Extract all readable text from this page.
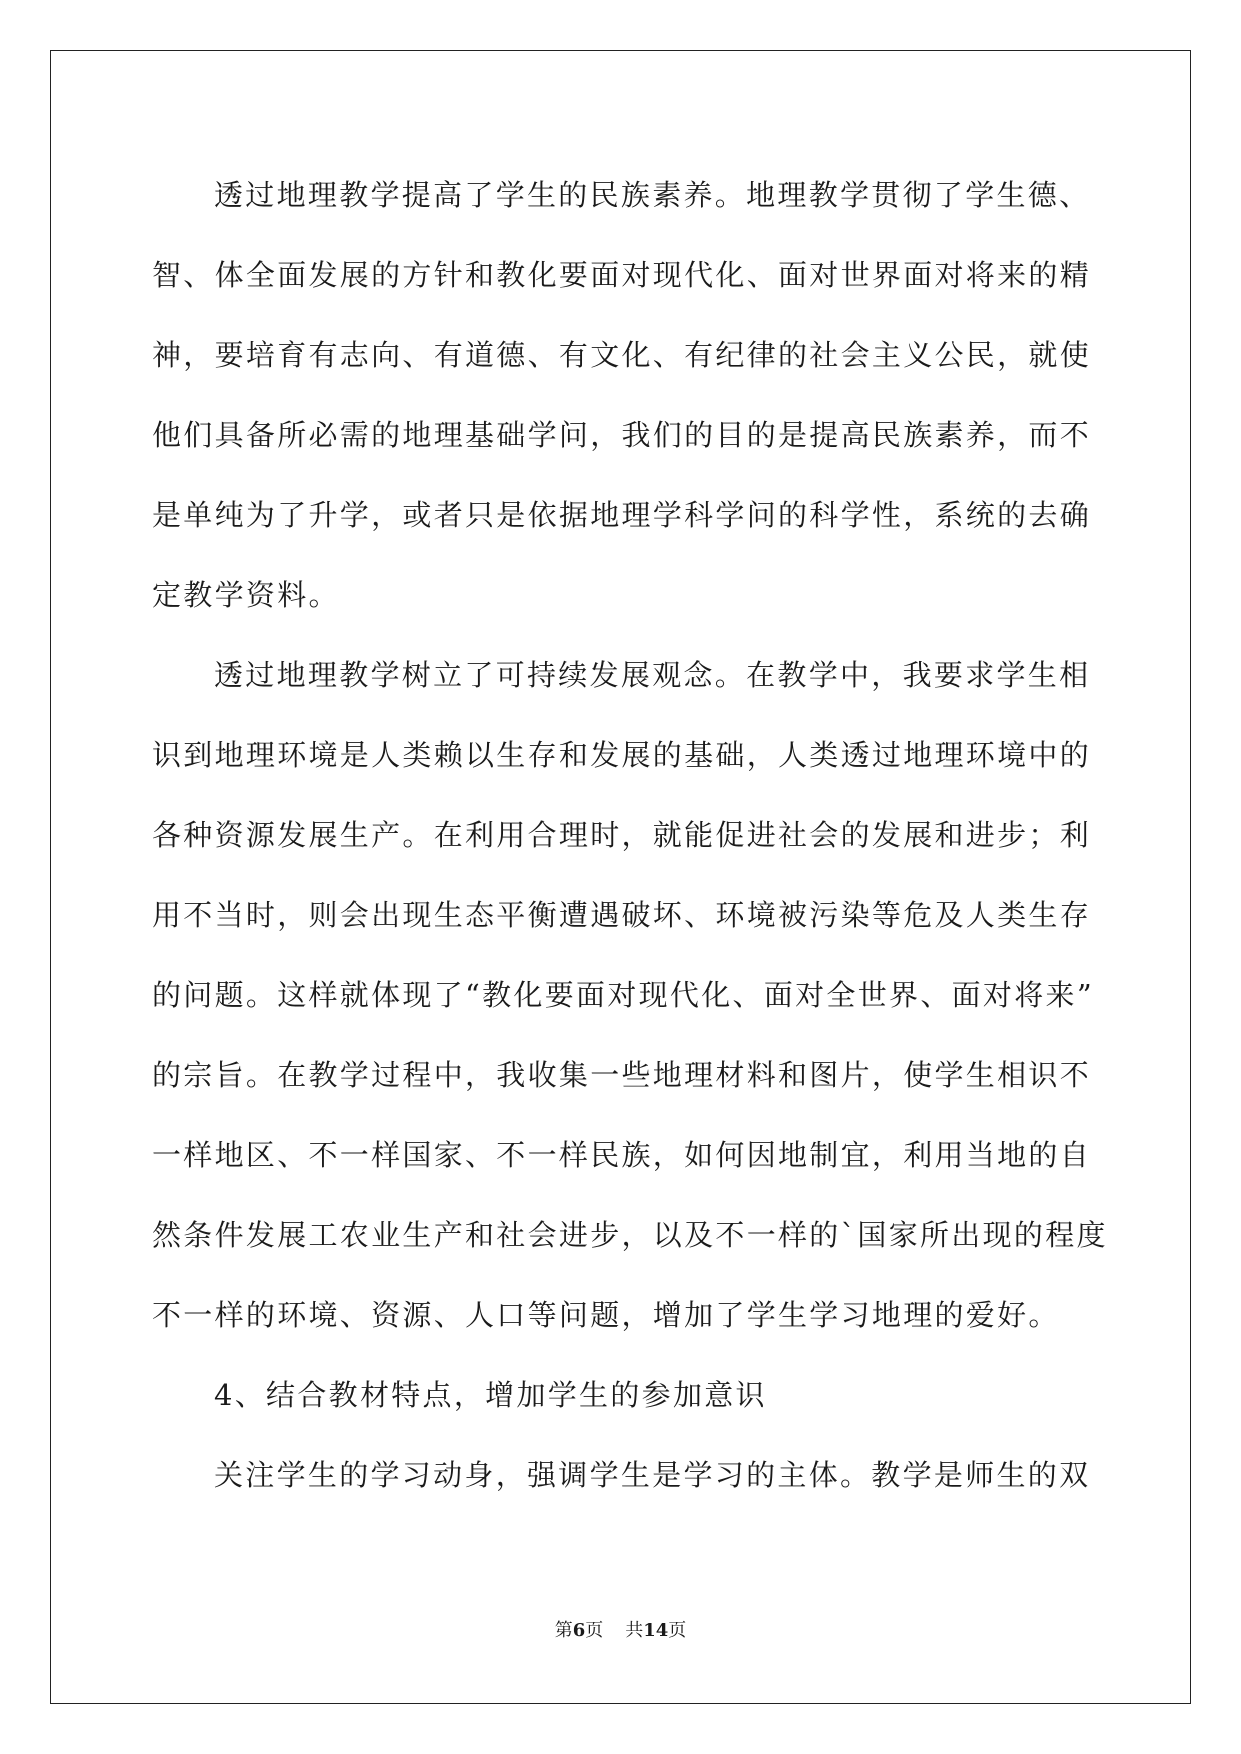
透过地理教学提高了学生的民族素养。地理教学贯彻了学生德、
智、体全面发展的方针和教化要面对现代化、面对世界面对将来的精
神，要培育有志向、有道德、有文化、有纪律的社会主义公民，就使
他们具备所必需的地理基础学问，我们的目的是提高民族素养，而不
是单纯为了升学，或者只是依据地理学科学问的科学性，系统的去确
定教学资料。
透过地理教学树立了可持续发展观念。在教学中，我要求学生相
识到地理环境是人类赖以生存和发展的基础，人类透过地理环境中的
各种资源发展生产。在利用合理时，就能促进社会的发展和进步；利
用不当时，则会出现生态平衡遭遇破坏、环境被污染等危及人类生存
的问题。这样就体现了“教化要面对现代化、面对全世界、面对将来”
的宗旨。在教学过程中，我收集一些地理材料和图片，使学生相识不
一样地区、不一样国家、不一样民族，如何因地制宜，利用当地的自
然条件发展工农业生产和社会进步，以及不一样的`国家所出现的程度
不一样的环境、资源、人口等问题，增加了学生学习地理的爱好。
4、结合教材特点，增加学生的参加意识
关注学生的学习动身，强调学生是学习的主体。教学是师生的双
第6页 共14页
